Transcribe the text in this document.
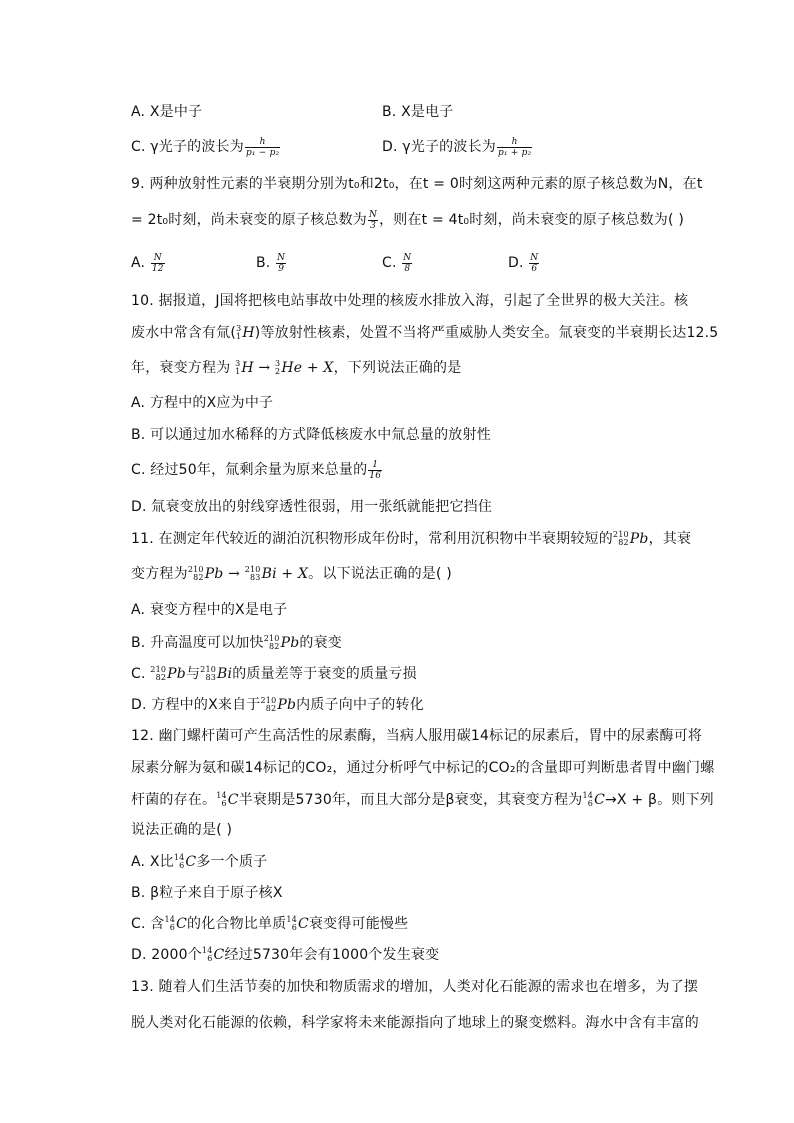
A. X是中子	B. X是电子
C. γ光子的波长为 $\frac{h}{\text{p₁ − p₂}}$	D. γ光子的波长为 $\frac{h}{\text{p₁ + p₂}}$
9. 两种放射性元素的半衰期分别为t₀和2t₀，在t = 0时刻这两种元素的原子核总数为N，在t
= 2t₀时刻，尚未衰变的原子核总数为 $\frac{N}{3}$ ，则在t = 4t₀时刻，尚未衰变的原子核总数为( )
A. $\frac{N}{12}$	B. $\frac{N}{9}$	C. $\frac{N}{8}$	D. $\frac{N}{6}$
10. 据报道，J国将把核电站事故中处理的核废水排放入海，引起了全世界的极大关注。核
废水中常含有氚( 3
1 H)等放射性核素，处置不当将严重威胁人类安全。氚衰变的半衰期长达12.5
年，衰变方程为 3
1 H → 3
2 He + X，下列说法正确的是
A. 方程中的X应为中子
B. 可以通过加水稀释的方式降低核废水中氚总量的放射性
C. 经过50年，氚剩余量为原来总量的 $\frac{1}{16}$
D. 氚衰变放出的射线穿透性很弱，用一张纸就能把它挡住
11. 在测定年代较近的湖泊沉积物形成年份时，常利用沉积物中半衰期较短的 210
82 Pb，其衰
变方程为 210
82 Pb → 210
83 Bi + X。以下说法正确的是( )
A. 衰变方程中的X是电子
B. 升高温度可以加快 210
82 Pb的衰变
C. 210
82 Pb与 210
83 Bi的质量差等于衰变的质量亏损
D. 方程中的X来自于 210
82 Pb内质子向中子的转化
12. 幽门螺杆菌可产生高活性的尿素酶，当病人服用碳14标记的尿素后，胃中的尿素酶可将
尿素分解为氨和碳14标记的CO₂，通过分析呼气中标记的CO₂的含量即可判断患者胃中幽门螺
杆菌的存在。 14
6 C半衰期是5730年，而且大部分是β衰变，其衰变方程为 14
6 C→X + β。则下列
说法正确的是( )
A. X比 14
6 C多一个质子
B. β粒子来自于原子核X
C. 含 14
6 C的化合物比单质 14
6 C衰变得可能慢些
D. 2000个 14
6 C经过5730年会有1000个发生衰变
13. 随着人们生活节奏的加快和物质需求的增加，人类对化石能源的需求也在增多，为了摆
脱人类对化石能源的依赖，科学家将未来能源指向了地球上的聚变燃料。海水中含有丰富的
